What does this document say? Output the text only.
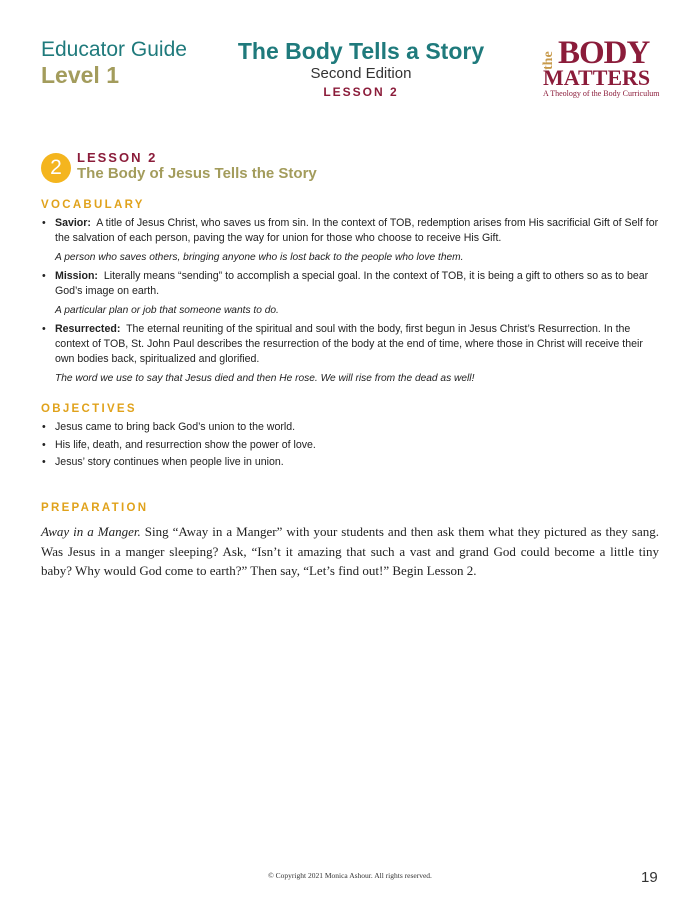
Educator Guide
Level 1
The Body Tells a Story
Second Edition
LESSON 2
the BODY
MATTERS
A Theology of the Body Curriculum
2	LESSON 2
The Body of Jesus Tells the Story
VOCABULARY
• Savior: A title of Jesus Christ, who saves us from sin. In the context of TOB, redemption arises from His sacrificial Gift of Self for the salvation of each person, paving the way for union for those who choose to receive His Gift.
A person who saves others, bringing anyone who is lost back to the people who love them.
• Mission: Literally means “sending” to accomplish a special goal. In the context of TOB, it is being a gift to others so as to bear God’s image on earth.
A particular plan or job that someone wants to do.
• Resurrected: The eternal reuniting of the spiritual and soul with the body, first begun in Jesus Christ’s Resurrection. In the context of TOB, St. John Paul describes the resurrection of the body at the end of time, where those in Christ will receive their own bodies back, spiritualized and glorified.
The word we use to say that Jesus died and then He rose. We will rise from the dead as well!
OBJECTIVES
• Jesus came to bring back God’s union to the world.
• His life, death, and resurrection show the power of love.
• Jesus’ story continues when people live in union.
PREPARATION
Away in a Manger. Sing “Away in a Manger” with your students and then ask them what they pictured as they sang. Was Jesus in a manger sleeping? Ask, “Isn’t it amazing that such a vast and grand God could become a little tiny baby? Why would God come to earth?” Then say, “Let’s find out!” Begin Lesson 2.
© Copyright 2021 Monica Ashour. All rights reserved.	19
